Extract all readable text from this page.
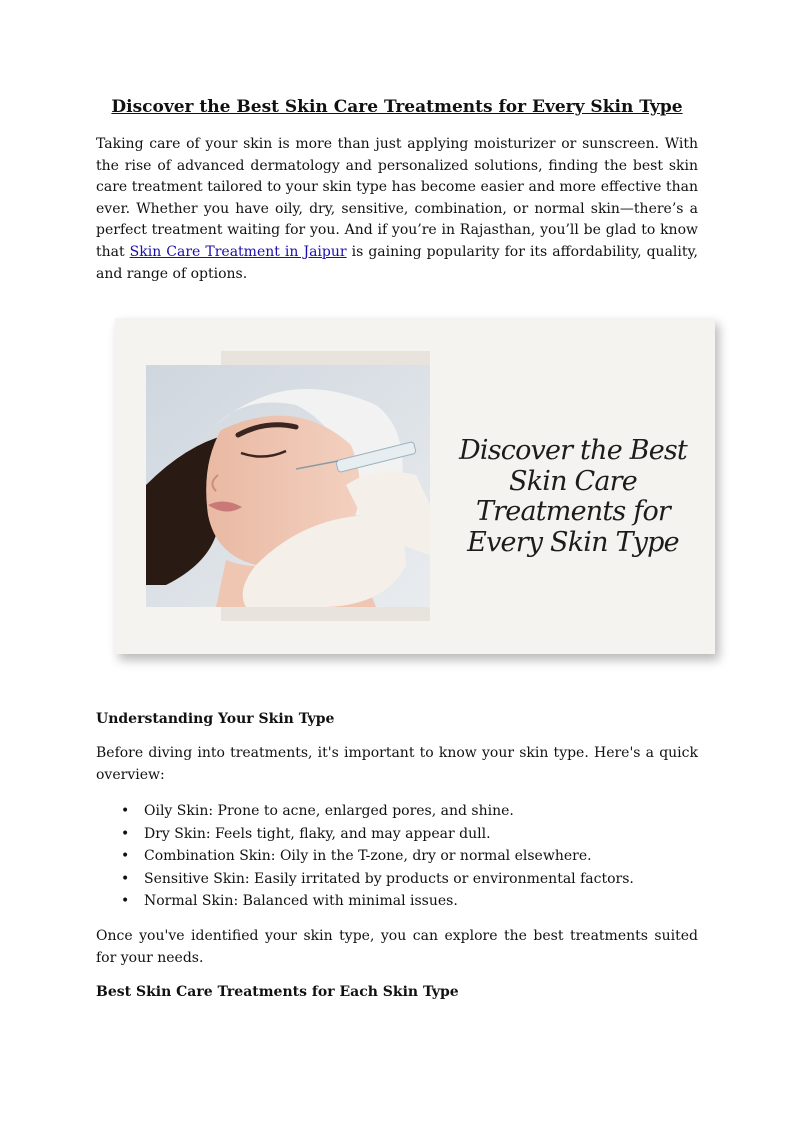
Discover the Best Skin Care Treatments for Every Skin Type

Taking care of your skin is more than just applying moisturizer or sunscreen. With the rise of advanced dermatology and personalized solutions, finding the best skin care treatment tailored to your skin type has become easier and more effective than ever. Whether you have oily, dry, sensitive, combination, or normal skin—there’s a perfect treatment waiting for you. And if you’re in Rajasthan, you’ll be glad to know that Skin Care Treatment in Jaipur is gaining popularity for its affordability, quality, and range of options.

Discover the Best
Skin Care
Treatments for
Every Skin Type
Understanding Your Skin Type

Before diving into treatments, it's important to know your skin type. Here's a quick overview:

• Oily Skin: Prone to acne, enlarged pores, and shine.
• Dry Skin: Feels tight, flaky, and may appear dull.
• Combination Skin: Oily in the T-zone, dry or normal elsewhere.
• Sensitive Skin: Easily irritated by products or environmental factors.
• Normal Skin: Balanced with minimal issues.

Once you've identified your skin type, you can explore the best treatments suited for your needs.

Best Skin Care Treatments for Each Skin Type
